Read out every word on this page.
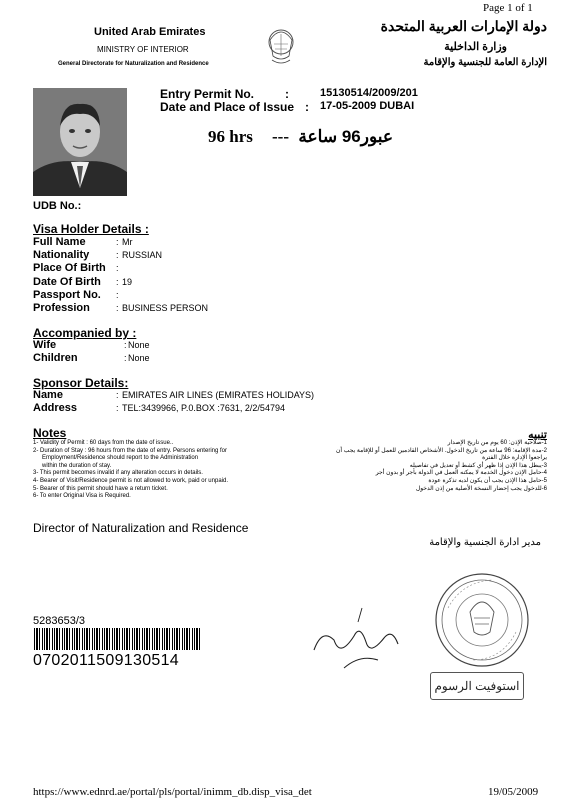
Page 1 of 1
United Arab Emirates
MINISTRY OF INTERIOR
General Directorate for Naturalization and Residence
دولة الإمارات العربية المتحدة
وزارة الداخلية
الإدارة العامة للجنسية والإقامة
Entry Permit No.	:	15130514/2009/201
Date and Place of Issue : 17-05-2009 DUBAI
96 hrs --- عبور96 ساعة
UDB No.:
Visa Holder Details :
Full Name	: Mr
Nationality	: RUSSIAN
Place Of Birth :
Date Of Birth : 19
Passport No. :
Profession	: BUSINESS PERSON
Accompanied by :
Wife	: None
Children	: None
Sponsor Details:
Name	: EMIRATES AIR LINES (EMIRATES HOLIDAYS)
Address	: TEL:3439966, P.0.BOX :7631, 2/2/54794
Notes	تنبيه
1- Validity of Permit : 60 days from the date of issue..
2- Duration of Stay : 96 hours from the date of entry. Persons entering for
Employment/Residence should report to the Administration
within the duration of stay.
3- This permit becomes invalid if any alteration occurs in details.
4- Bearer of Visit/Residence permit is not allowed to work, paid or unpaid.
5- Bearer of this permit should have a return ticket.
6- To enter Original Visa is Required.
1-صلاحية الإذن: 60 يوم من تاريخ الإصدار
2-مدة الإقامة: 96 ساعة من تاريخ الدخول. الأشخاص القادمين للعمل أو للإقامة يجب أن
يراجعوا الإدارة خلال الفترة
3-يبطل هذا الإذن إذا ظهر أي كشط أو تعديل في تفاصيله
4-حامل الإذن دخول الخدمة لا يمكنه العمل في الدولة بأجر أو بدون أجر
5-حامل هذا الإذن يجب أن يكون لديه تذكرة عودة
6-للدخول يجب إحضار النسخة الأصلية من إذن الدخول
Director of Naturalization and Residence
مدير ادارة الجنسية والإقامة
استوفيت الرسوم
5283653/3
0702011509130514
https://www.ednrd.ae/portal/pls/portal/inimm_db.disp_visa_det	19/05/2009
